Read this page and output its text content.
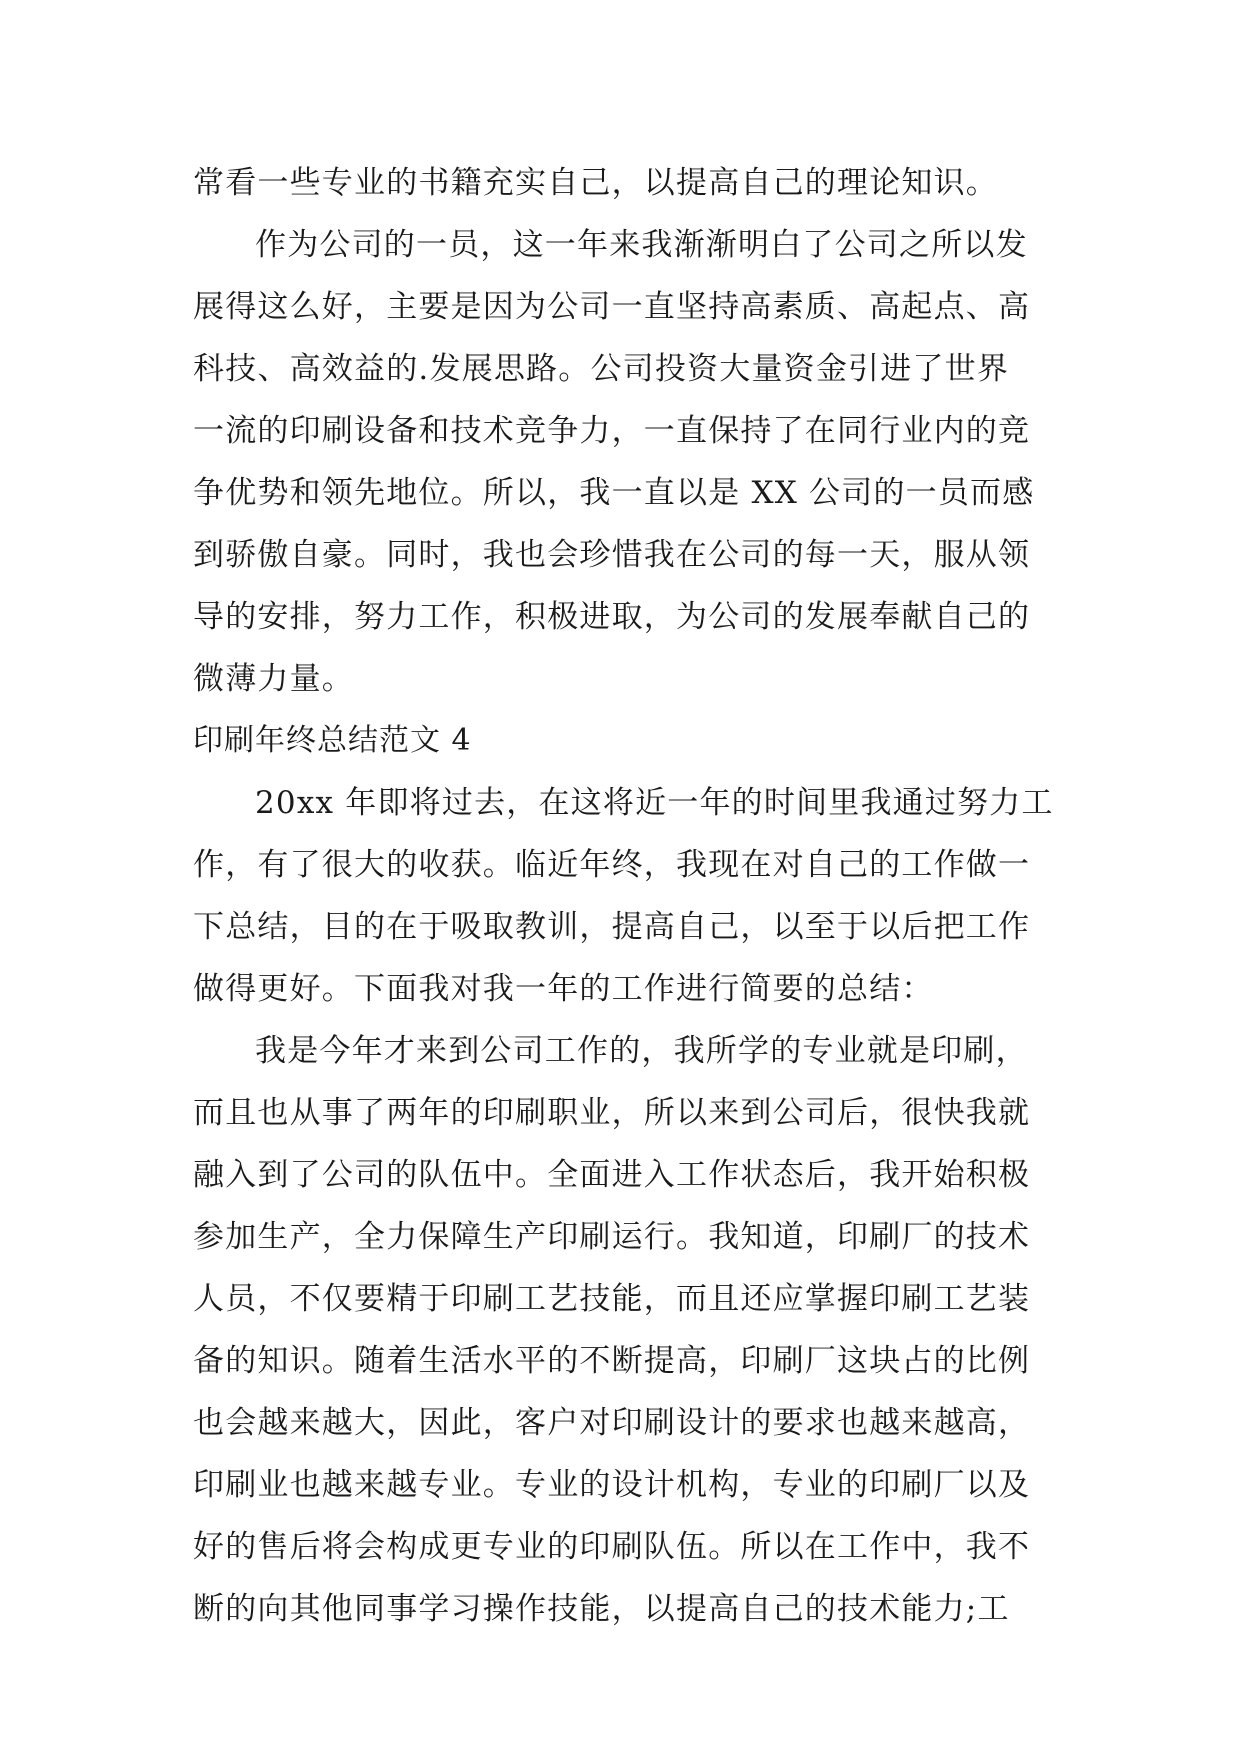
常看一些专业的书籍充实自己，以提高自己的理论知识。
作为公司的一员，这一年来我渐渐明白了公司之所以发
展得这么好，主要是因为公司一直坚持高素质、高起点、高
科技、高效益的.发展思路。公司投资大量资金引进了世界
一流的印刷设备和技术竞争力，一直保持了在同行业内的竞
争优势和领先地位。所以，我一直以是 XX 公司的一员而感
到骄傲自豪。同时，我也会珍惜我在公司的每一天，服从领
导的安排，努力工作，积极进取，为公司的发展奉献自己的
微薄力量。
印刷年终总结范文 4
20xx 年即将过去，在这将近一年的时间里我通过努力工
作，有了很大的收获。临近年终，我现在对自己的工作做一
下总结，目的在于吸取教训，提高自己，以至于以后把工作
做得更好。下面我对我一年的工作进行简要的总结：
我是今年才来到公司工作的，我所学的专业就是印刷，
而且也从事了两年的印刷职业，所以来到公司后，很快我就
融入到了公司的队伍中。全面进入工作状态后，我开始积极
参加生产，全力保障生产印刷运行。我知道，印刷厂的技术
人员，不仅要精于印刷工艺技能，而且还应掌握印刷工艺装
备的知识。随着生活水平的不断提高，印刷厂这块占的比例
也会越来越大，因此，客户对印刷设计的要求也越来越高，
印刷业也越来越专业。专业的设计机构，专业的印刷厂以及
好的售后将会构成更专业的印刷队伍。所以在工作中，我不
断的向其他同事学习操作技能，以提高自己的技术能力;工
